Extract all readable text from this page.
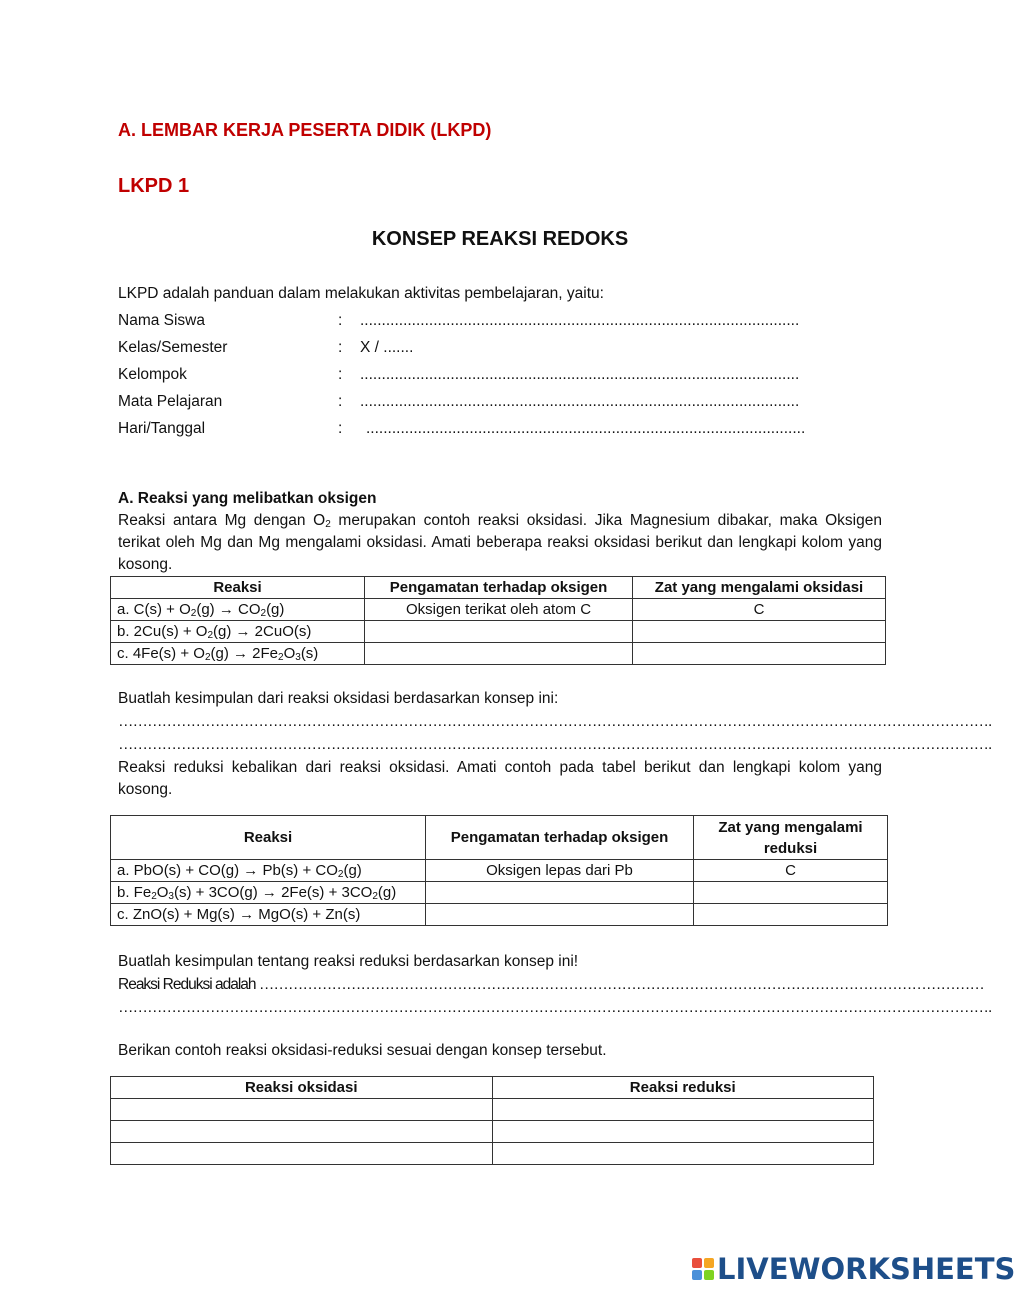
A. LEMBAR KERJA PESERTA DIDIK (LKPD)
LKPD 1
KONSEP REAKSI REDOKS
LKPD adalah panduan dalam melakukan aktivitas pembelajaran, yaitu:
Nama Siswa	: ......................................................................................................
Kelas/Semester	: X / .......
Kelompok	: ......................................................................................................
Mata Pelajaran	: ......................................................................................................
Hari/Tanggal	: ......................................................................................................
A. Reaksi yang melibatkan oksigen
Reaksi antara Mg dengan $O_2$ merupakan contoh reaksi oksidasi. Jika Magnesium dibakar, maka Oksigen terikat oleh Mg dan Mg mengalami oksidasi. Amati beberapa reaksi oksidasi berikut dan lengkapi kolom yang kosong.
Reaksi	Pengamatan terhadap oksigen	Zat yang mengalami oksidasi
a. $C(s) + O_2(g) \to CO_2(g)$	Oksigen terikat oleh atom C	C
b. $2Cu(s) + O_2(g) \to 2CuO(s)$		
c. $4Fe(s) + O_2(g) \to 2Fe_2O_3(s)$		
Buatlah kesimpulan dari reaksi oksidasi berdasarkan konsep ini:
……………………………………………………………………………………………………………………………………………………………….
……………………………………………………………………………………………………………………………………………………………….
Reaksi reduksi kebalikan dari reaksi oksidasi. Amati contoh pada tabel berikut dan lengkapi kolom yang kosong.
Reaksi	Pengamatan terhadap oksigen	Zat yang mengalami reduksi
a. $PbO(s) + CO(g) \to Pb(s) + CO_2(g)$	Oksigen lepas dari Pb	C
b. $Fe_2O_3(s) + 3CO(g) \to 2Fe(s) + 3CO_2(g)$		
c. ZnO(s) + Mg(s) → MgO(s) + Zn(s)		
Buatlah kesimpulan tentang reaksi reduksi berdasarkan konsep ini!
Reaksi Reduksi adalah ……………………………………………………………………………………………………………………………………
……………………………………………………………………………………………………………………………………………………………….
Berikan contoh reaksi oksidasi-reduksi sesuai dengan konsep tersebut.
Reaksi oksidasi	Reaksi reduksi

LIVEWORKSHEETS
